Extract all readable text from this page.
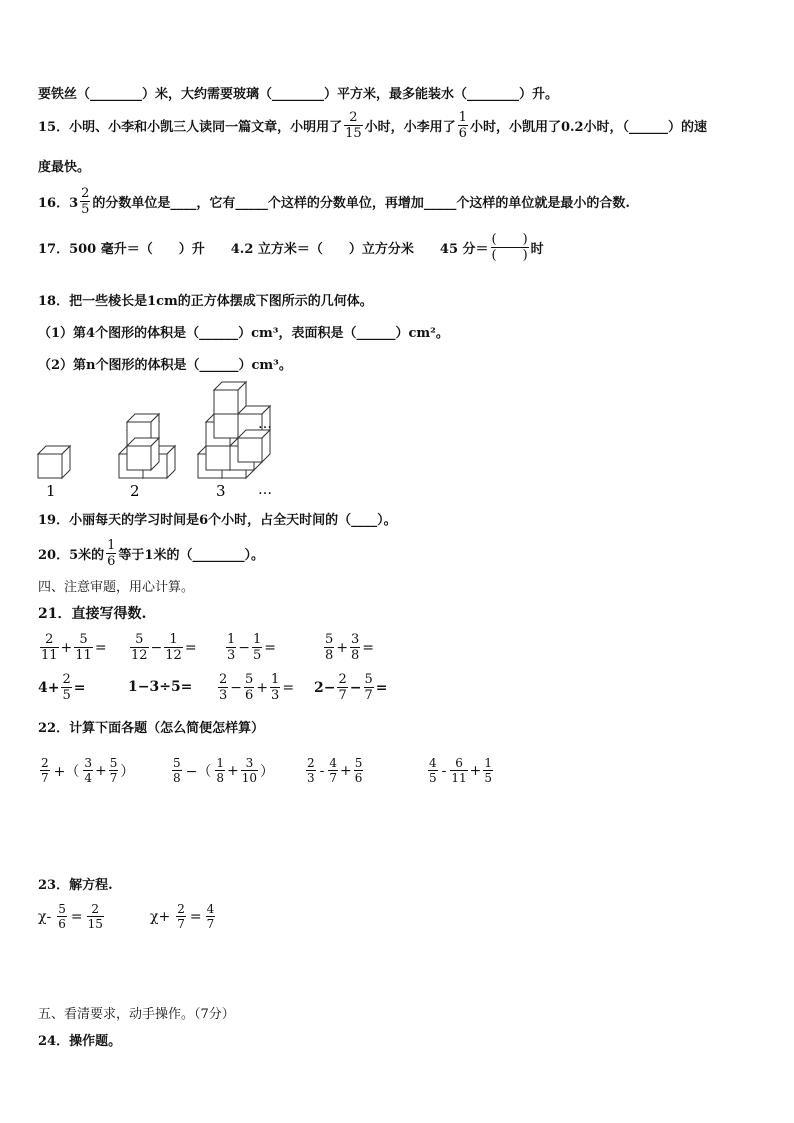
要铁丝（________）米，大约需要玻璃（________）平方米，最多能装水（________）升。
15．小明、小李和小凯三人读同一篇文章，小明用了 $\frac{2}{15}$ 小时，小李用了 $\frac{1}{6}$ 小时，小凯用了0.2小时，（______）的速
度最快。
16．$3 \frac{2}{5}$ 的分数单位是____，它有_____个这样的分数单位，再增加_____个这样的单位就是最小的合数.
17．500 毫升＝（　　）升　　4.2 立方米＝（　　）立方分米　　45 分＝ $\frac{( )}{( )}$ 时
18．把一些棱长是1cm的正方体摆成下图所示的几何体。
（1）第4个图形的体积是（______）cm³，表面积是（______）cm²。
（2）第n个图形的体积是（______）cm³。
1	2	3
…
…
19．小丽每天的学习时间是6个小时，占全天时间的（____）。
20．5米的 $\frac{1}{6}$ 等于1米的（________）。
四、注意审题，用心计算。
21．直接写得数.
$\frac{2}{11} + \frac{5}{11} = \frac{5}{12} - \frac{1}{12} = \frac{1}{3} - \frac{1}{5}$ =	$\frac{5}{8} + \frac{3}{8}$ =
$4+ \frac{2}{5}$ =	$1-3\div 5= \frac{2}{3} - \frac{5}{6} + \frac{1}{3} = 2- \frac{2}{7} - \frac{5}{7}$ =
22．计算下面各题（怎么简便怎样算）
$\frac{2}{7}$ +（ $\frac{3}{4} + \frac{5}{7}$ ）	$\frac{5}{8}$ −（ $\frac{1}{8} + \frac{3}{10}$ ）	$\frac{2}{3} - \frac{4}{7} + \frac{5}{6}$	$\frac{4}{5} - \frac{6}{11} + \frac{1}{5}$
23．解方程.
$\chi- \frac{5}{6} = \frac{2}{15}$	$\chi+ \frac{2}{7} = \frac{4}{7}$
五、看清要求，动手操作。（7分）
24．操作题。
